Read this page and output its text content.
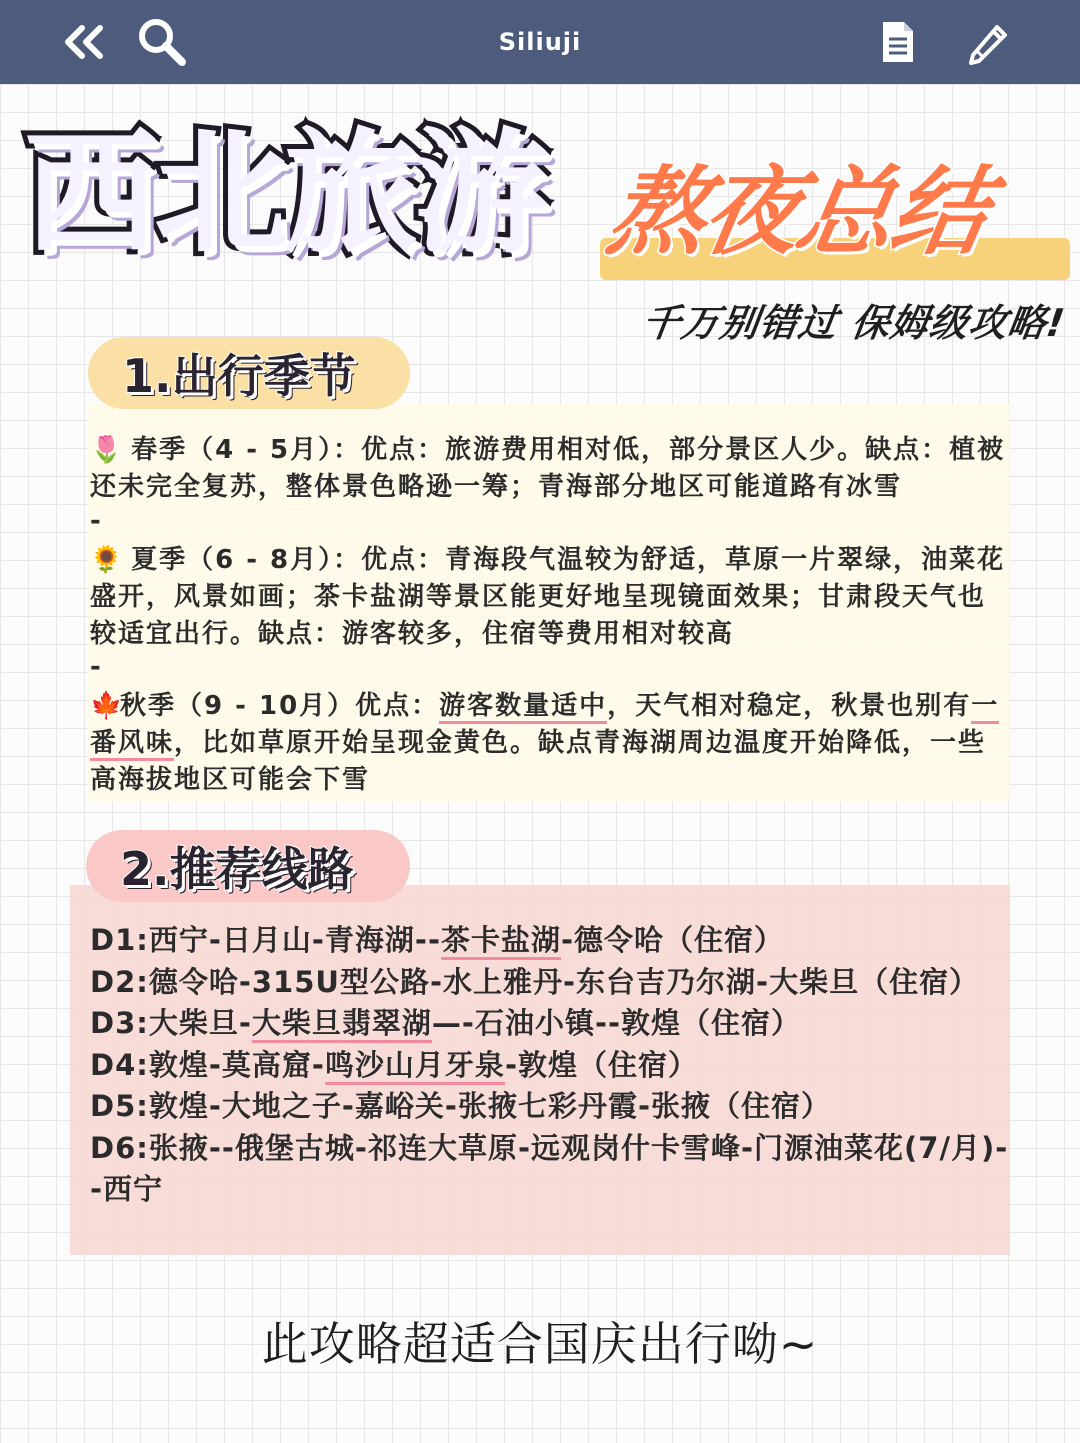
Siliuji
西北旅游 熬夜总结
千万别错过 保姆级攻略!
1.出行季节
🌷 春季（4 - 5月）：优点：旅游费用相对低，部分景区人少。缺点：植被还未完全复苏，整体景色略逊一筹；青海部分地区可能道路有冰雪
-
🌻 夏季（6 - 8月）：优点：青海段气温较为舒适，草原一片翠绿，油菜花盛开，风景如画；茶卡盐湖等景区能更好地呈现镜面效果；甘肃段天气也较适宜出行。缺点：游客较多，住宿等费用相对较高
-
🍁秋季（9 - 10月）优点：游客数量适中，天气相对稳定，秋景也别有一番风味，比如草原开始呈现金黄色。缺点青海湖周边温度开始降低，一些高海拔地区可能会下雪
2.推荐线路
D1:西宁-日月山-青海湖--茶卡盐湖-德令哈（住宿）
D2:德令哈-315U型公路-水上雅丹-东台吉乃尔湖-大柴旦（住宿）
D3:大柴旦-大柴旦翡翠湖—-石油小镇--敦煌（住宿）
D4:敦煌-莫高窟-鸣沙山月牙泉-敦煌（住宿）
D5:敦煌-大地之子-嘉峪关-张掖七彩丹霞-张掖（住宿）
D6:张掖--俄堡古城-祁连大草原-远观岗什卡雪峰-门源油菜花(7/月)--西宁
此攻略超适合国庆出行呦~
